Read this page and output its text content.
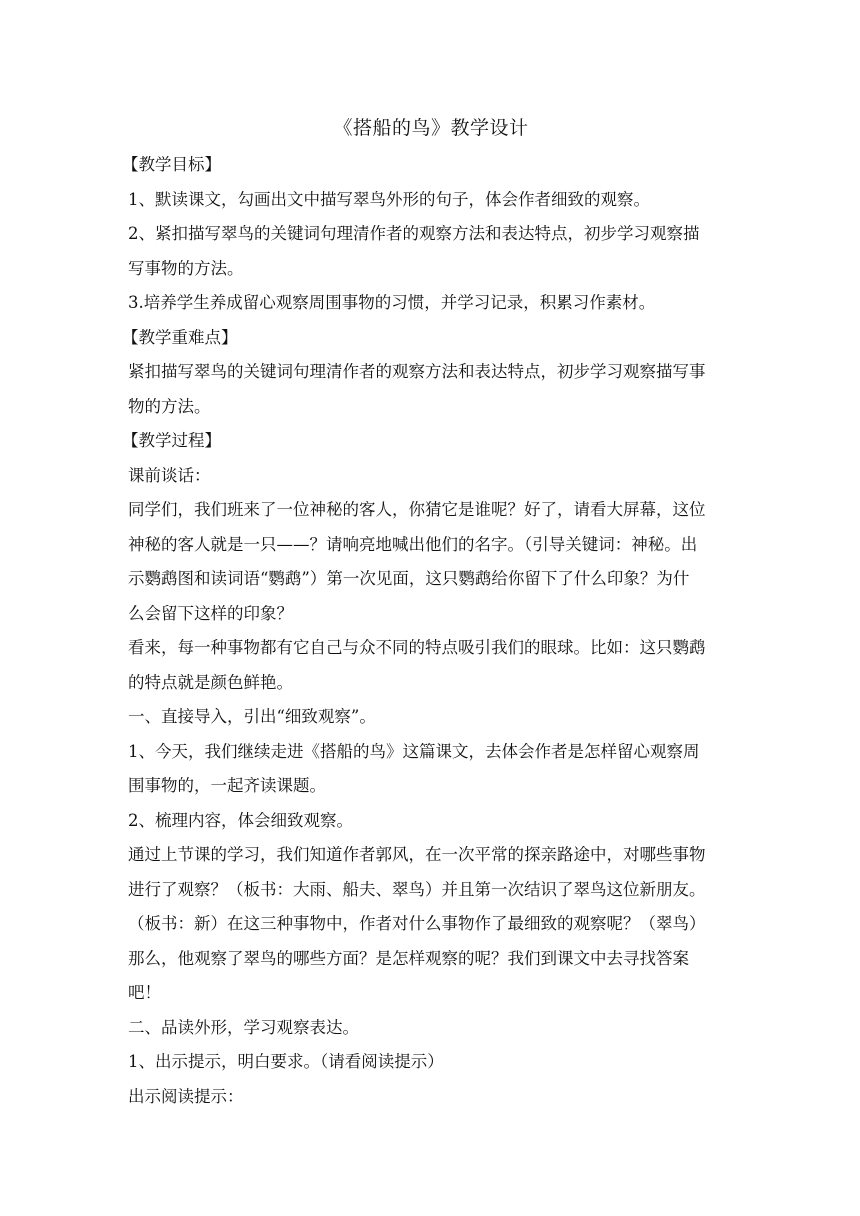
《搭船的鸟》教学设计

【教学目标】

1、默读课文，勾画出文中描写翠鸟外形的句子，体会作者细致的观察。

2、紧扣描写翠鸟的关键词句理清作者的观察方法和表达特点，初步学习观察描

写事物的方法。

3.培养学生养成留心观察周围事物的习惯，并学习记录，积累习作素材。

【教学重难点】

紧扣描写翠鸟的关键词句理清作者的观察方法和表达特点，初步学习观察描写事

物的方法。

【教学过程】

课前谈话：

同学们，我们班来了一位神秘的客人，你猜它是谁呢？好了，请看大屏幕，这位

神秘的客人就是一只——？请响亮地喊出他们的名字。（引导关键词：神秘。出

示鹦鹉图和读词语“鹦鹉”）第一次见面，这只鹦鹉给你留下了什么印象？为什

么会留下这样的印象？

看来，每一种事物都有它自己与众不同的特点吸引我们的眼球。比如：这只鹦鹉

的特点就是颜色鲜艳。

一、直接导入，引出“细致观察”。

1、今天，我们继续走进《搭船的鸟》这篇课文，去体会作者是怎样留心观察周

围事物的，一起齐读课题。

2、梳理内容，体会细致观察。

通过上节课的学习，我们知道作者郭风，在一次平常的探亲路途中，对哪些事物

进行了观察？（板书：大雨、船夫、翠鸟）并且第一次结识了翠鸟这位新朋友。

（板书：新）在这三种事物中，作者对什么事物作了最细致的观察呢？（翠鸟）

那么，他观察了翠鸟的哪些方面？是怎样观察的呢？我们到课文中去寻找答案

吧！

二、品读外形，学习观察表达。

1、出示提示，明白要求。（请看阅读提示）

出示阅读提示：
